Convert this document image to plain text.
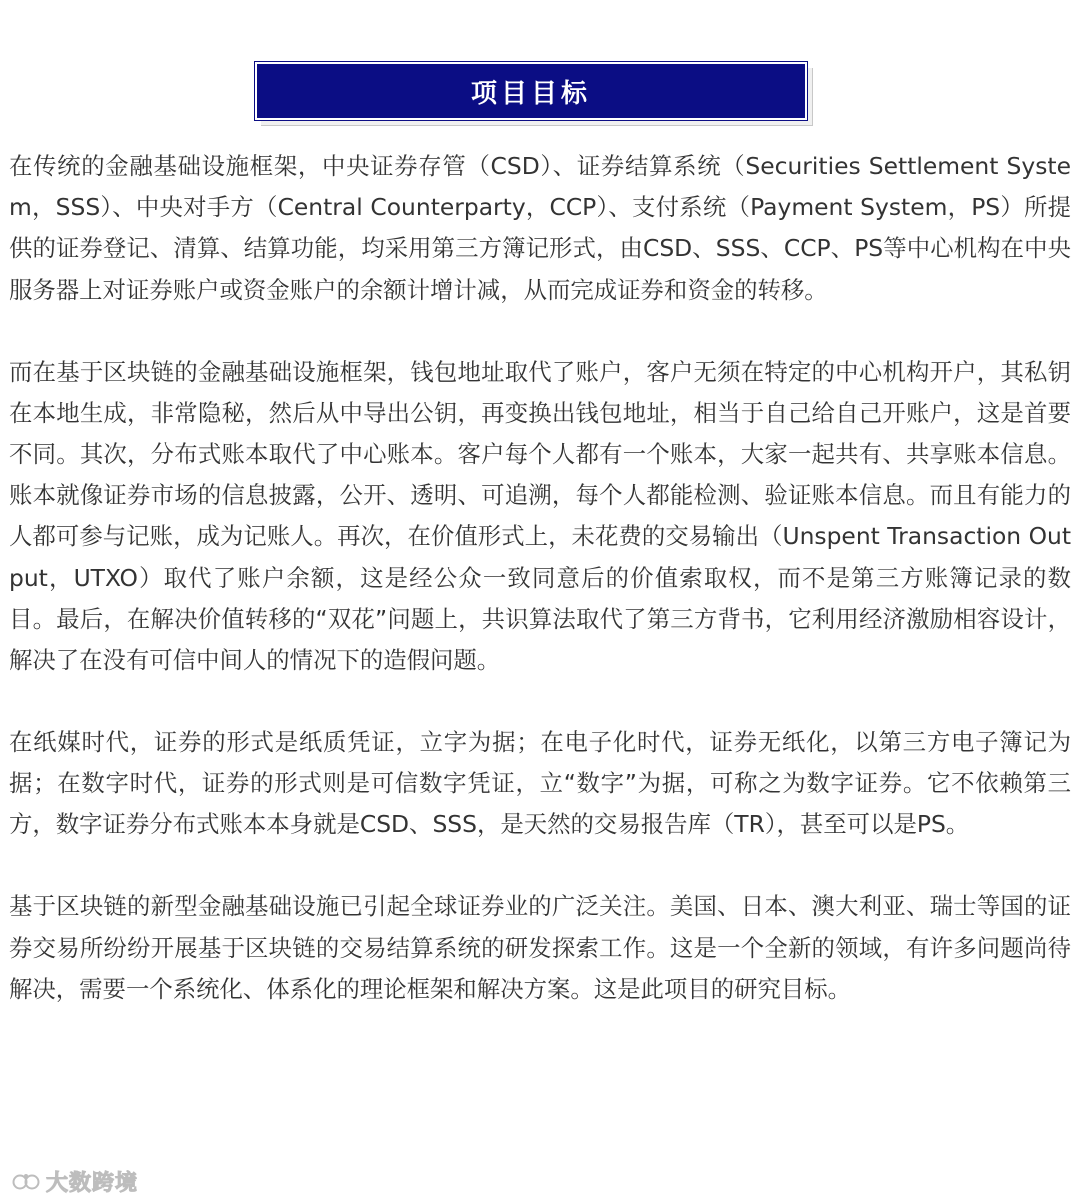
项目目标

在传统的金融基础设施框架，中央证券存管（CSD）、证券结算系统（Securities Settlement System，SSS）、中央对手方（Central Counterparty，CCP）、支付系统（Payment System，PS）所提供的证券登记、清算、结算功能，均采用第三方簿记形式，由CSD、SSS、CCP、PS等中心机构在中央服务器上对证券账户或资金账户的余额计增计减，从而完成证券和资金的转移。

而在基于区块链的金融基础设施框架，钱包地址取代了账户，客户无须在特定的中心机构开户，其私钥在本地生成，非常隐秘，然后从中导出公钥，再变换出钱包地址，相当于自己给自己开账户，这是首要不同。其次，分布式账本取代了中心账本。客户每个人都有一个账本，大家一起共有、共享账本信息。账本就像证券市场的信息披露，公开、透明、可追溯，每个人都能检测、验证账本信息。而且有能力的人都可参与记账，成为记账人。再次，在价值形式上，未花费的交易输出（Unspent Transaction Output，UTXO）取代了账户余额，这是经公众一致同意后的价值索取权，而不是第三方账簿记录的数目。最后，在解决价值转移的“双花”问题上，共识算法取代了第三方背书，它利用经济激励相容设计，解决了在没有可信中间人的情况下的造假问题。

在纸媒时代，证券的形式是纸质凭证，立字为据；在电子化时代，证券无纸化，以第三方电子簿记为据；在数字时代，证券的形式则是可信数字凭证，立“数字”为据，可称之为数字证券。它不依赖第三方，数字证券分布式账本本身就是CSD、SSS，是天然的交易报告库（TR），甚至可以是PS。

基于区块链的新型金融基础设施已引起全球证券业的广泛关注。美国、日本、澳大利亚、瑞士等国的证券交易所纷纷开展基于区块链的交易结算系统的研发探索工作。这是一个全新的领域，有许多问题尚待解决，需要一个系统化、体系化的理论框架和解决方案。这是此项目的研究目标。

大数跨境
